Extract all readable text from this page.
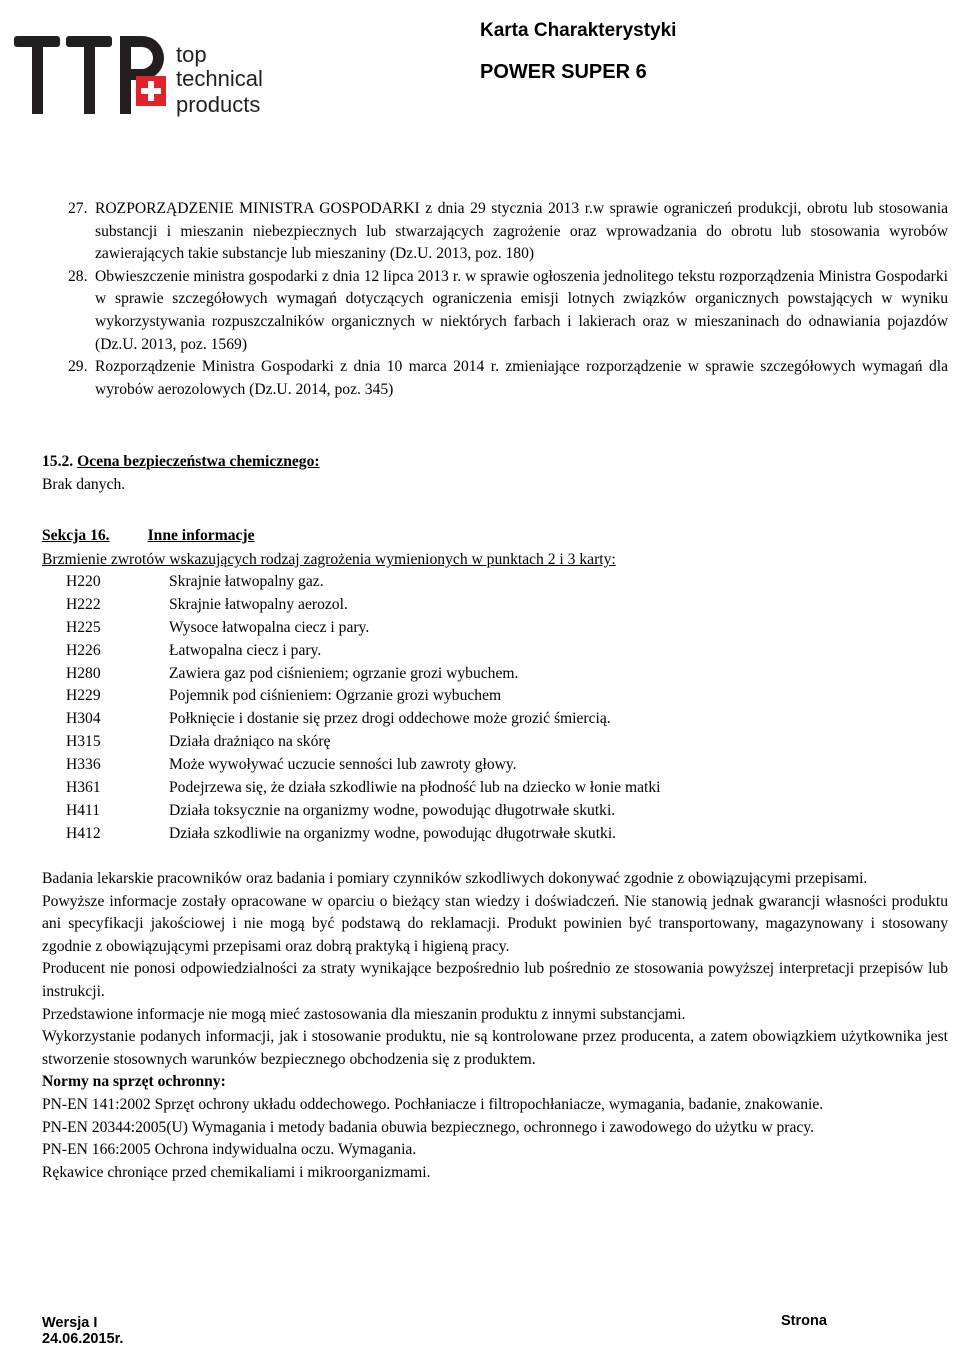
top
technical
products
Karta Charakterystyki
POWER SUPER 6
27. ROZPORZĄDZENIE MINISTRA GOSPODARKI z dnia 29 stycznia 2013 r.w sprawie ograniczeń produkcji, obrotu lub stosowania substancji i mieszanin niebezpiecznych lub stwarzających zagrożenie oraz wprowadzania do obrotu lub stosowania wyrobów zawierających takie substancje lub mieszaniny (Dz.U. 2013, poz. 180)
28. Obwieszczenie ministra gospodarki z dnia 12 lipca 2013 r. w sprawie ogłoszenia jednolitego tekstu rozporządzenia Ministra Gospodarki w sprawie szczegółowych wymagań dotyczących ograniczenia emisji lotnych związków organicznych powstających w wyniku wykorzystywania rozpuszczalników organicznych w niektórych farbach i lakierach oraz w mieszaninach do odnawiania pojazdów (Dz.U. 2013, poz. 1569)
29. Rozporządzenie Ministra Gospodarki z dnia 10 marca 2014 r. zmieniające rozporządzenie w sprawie szczegółowych wymagań dla wyrobów aerozolowych (Dz.U. 2014, poz. 345)
15.2. Ocena bezpieczeństwa chemicznego:
Brak danych.
Sekcja 16. Inne informacje
Brzmienie zwrotów wskazujących rodzaj zagrożenia wymienionych w punktach 2 i 3 karty:
H220	Skrajnie łatwopalny gaz.
H222	Skrajnie łatwopalny aerozol.
H225	Wysoce łatwopalna ciecz i pary.
H226	Łatwopalna ciecz i pary.
H280	Zawiera gaz pod ciśnieniem; ogrzanie grozi wybuchem.
H229	Pojemnik pod ciśnieniem: Ogrzanie grozi wybuchem
H304	Połknięcie i dostanie się przez drogi oddechowe może grozić śmiercią.
H315	Działa drażniąco na skórę
H336	Może wywoływać uczucie senności lub zawroty głowy.
H361	Podejrzewa się, że działa szkodliwie na płodność lub na dziecko w łonie matki
H411	Działa toksycznie na organizmy wodne, powodując długotrwałe skutki.
H412	Działa szkodliwie na organizmy wodne, powodując długotrwałe skutki.
Badania lekarskie pracowników oraz badania i pomiary czynników szkodliwych dokonywać zgodnie z obowiązującymi przepisami.
Powyższe informacje zostały opracowane w oparciu o bieżący stan wiedzy i doświadczeń. Nie stanowią jednak gwarancji własności produktu ani specyfikacji jakościowej i nie mogą być podstawą do reklamacji. Produkt powinien być transportowany, magazynowany i stosowany zgodnie z obowiązującymi przepisami oraz dobrą praktyką i higieną pracy.
Producent nie ponosi odpowiedzialności za straty wynikające bezpośrednio lub pośrednio ze stosowania powyższej interpretacji przepisów lub instrukcji.
Przedstawione informacje nie mogą mieć zastosowania dla mieszanin produktu z innymi substancjami.
Wykorzystanie podanych informacji, jak i stosowanie produktu, nie są kontrolowane przez producenta, a zatem obowiązkiem użytkownika jest stworzenie stosownych warunków bezpiecznego obchodzenia się z produktem.
Normy na sprzęt ochronny:
PN-EN 141:2002 Sprzęt ochrony układu oddechowego. Pochłaniacze i filtropochłaniacze, wymagania, badanie, znakowanie.
PN-EN 20344:2005(U) Wymagania i metody badania obuwia bezpiecznego, ochronnego i zawodowego do użytku w pracy.
PN-EN 166:2005 Ochrona indywidualna oczu. Wymagania.
Rękawice chroniące przed chemikaliami i mikroorganizmami.
Wersja I
24.06.2015r.
Strona
